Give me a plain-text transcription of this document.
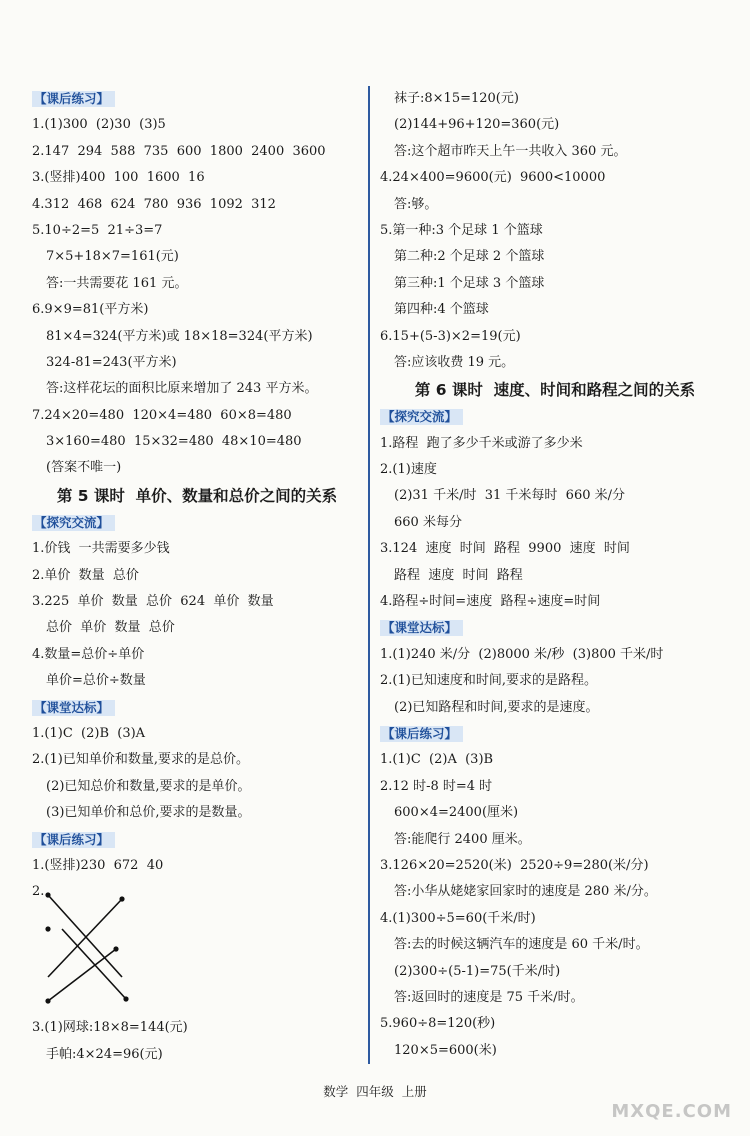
【 课后练习 】
1.(1)300  (2)30  (3)5
2.147  294  588  735  600  1800  2400  3600
3.(竖排)400  100  1600  16
4.312  468  624  780  936  1092  312
5.10÷2=5  21÷3=7
7×5+18×7=161(元)
答:一共需要花 161 元。
6.9×9=81(平方米)
81×4=324(平方米)或 18×18=324(平方米)
324-81=243(平方米)
答:这样花坛的面积比原来增加了 243 平方米。
7.24×20=480  120×4=480  60×8=480
3×160=480  15×32=480  48×10=480
(答案不唯一)
第 5 课时  单价、数量和总价之间的关系
【 探究交流 】
1.价钱  一共需要多少钱
2.单价  数量  总价
3.225  单价  数量  总价  624  单价  数量
总价  单价  数量  总价
4.数量=总价÷单价
单价=总价÷数量
【 课堂达标 】
1.(1)C  (2)B  (3)A
2.(1)已知单价和数量,要求的是总价。
(2)已知总价和数量,要求的是单价。
(3)已知单价和总价,要求的是数量。
【 课后练习 】
1.(竖排)230  672  40
2.
3.(1)网球:18×8=144(元)
手帕:4×24=96(元)
袜子:8×15=120(元)
(2)144+96+120=360(元)
答:这个超市昨天上午一共收入 360 元。
4.24×400=9600(元)  9600<10000
答:够。
5.第一种:3 个足球 1 个篮球
第二种:2 个足球 2 个篮球
第三种:1 个足球 3 个篮球
第四种:4 个篮球
6.15+(5-3)×2=19(元)
答:应该收费 19 元。
第 6 课时  速度、时间和路程之间的关系
【 探究交流 】
1.路程  跑了多少千米或游了多少米
2.(1)速度
(2)31 千米/时  31 千米每时  660 米/分
660 米每分
3.124  速度  时间  路程  9900  速度  时间
路程  速度  时间  路程
4.路程÷时间=速度  路程÷速度=时间
【 课堂达标 】
1.(1)240 米/分  (2)8000 米/秒  (3)800 千米/时
2.(1)已知速度和时间,要求的是路程。
(2)已知路程和时间,要求的是速度。
【 课后练习 】
1.(1)C  (2)A  (3)B
2.12 时-8 时=4 时
600×4=2400(厘米)
答:能爬行 2400 厘米。
3.126×20=2520(米)  2520÷9=280(米/分)
答:小华从姥姥家回家时的速度是 280 米/分。
4.(1)300÷5=60(千米/时)
答:去的时候这辆汽车的速度是 60 千米/时。
(2)300÷(5-1)=75(千米/时)
答:返回时的速度是 75 千米/时。
5.960÷8=120(秒)
120×5=600(米)
数学  四年级  上册
MXQE.COM
